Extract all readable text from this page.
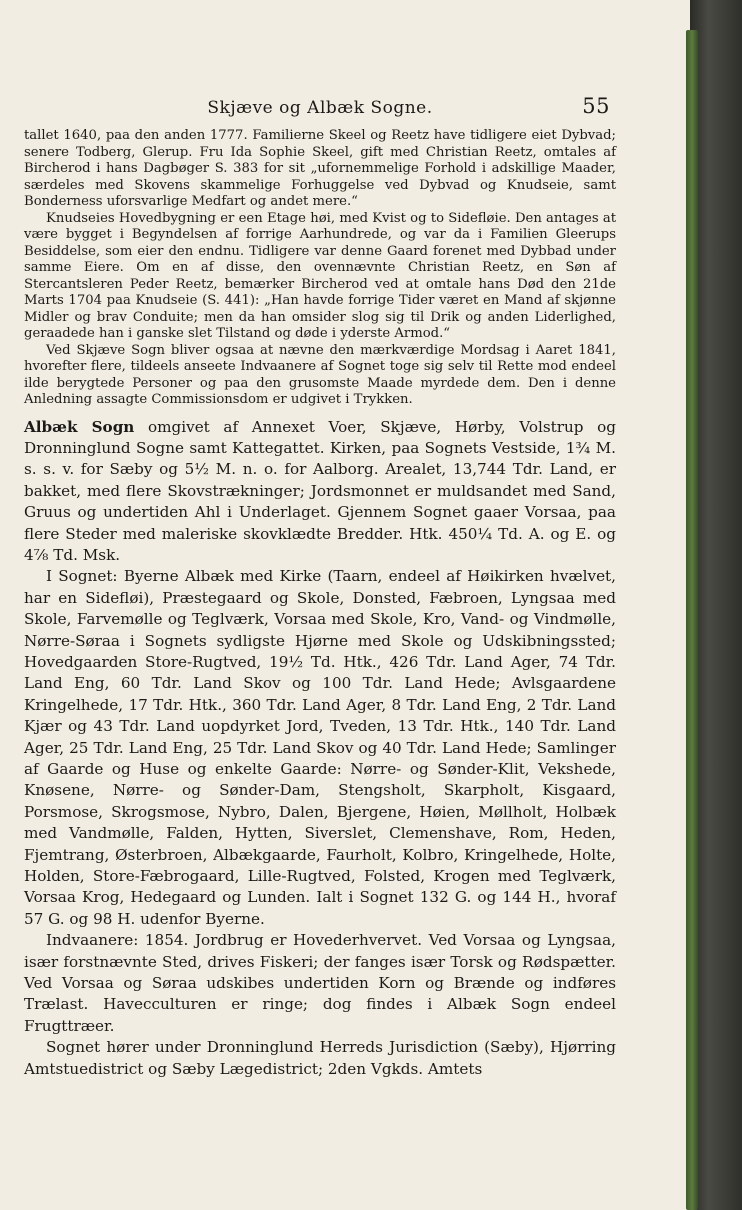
Skjæve og Albæk Sogne.	55

tallet 1640, paa den anden 1777. Familierne Skeel og Reetz have tidligere eiet Dybvad; senere Todberg, Glerup. Fru Ida Sophie Skeel, gift med Christian Reetz, omtales af Bircherod i hans Dagbøger S. 383 for sit „ufornemmelige Forhold i adskillige Maader, særdeles med Skovens skammelige Forhuggelse ved Dybvad og Knudseie, samt Bonderness uforsvarlige Medfart og andet mere.“

Knudseies Hovedbygning er een Etage høi, med Kvist og to Sidefløie. Den antages at være bygget i Begyndelsen af forrige Aarhundrede, og var da i Familien Gleerups Besiddelse, som eier den endnu. Tidligere var denne Gaard forenet med Dybbad under samme Eiere. Om en af disse, den ovennævnte Christian Reetz, en Søn af Stercantsleren Peder Reetz, bemærker Bircherod ved at omtale hans Død den 21de Marts 1704 paa Knudseie (S. 441): „Han havde forrige Tider været en Mand af skjønne Midler og brav Conduite; men da han omsider slog sig til Drik og anden Liderlighed, geraadede han i ganske slet Tilstand og døde i yderste Armod.“

Ved Skjæve Sogn bliver ogsaa at nævne den mærkværdige Mordsag i Aaret 1841, hvorefter flere, tildeels anseete Indvaanere af Sognet toge sig selv til Rette mod endeel ilde berygtede Personer og paa den grusomste Maade myrdede dem. Den i denne Anledning assagte Commissionsdom er udgivet i Trykken.

Albæk Sogn omgivet af Annexet Voer, Skjæve, Hørby, Volstrup og Dronninglund Sogne samt Kattegattet. Kirken, paa Sognets Vestside, 1¾ M. s. s. v. for Sæby og 5½ M. n. o. for Aalborg. Arealet, 13,744 Tdr. Land, er bakket, med flere Skovstrækninger; Jordsmonnet er muldsandet med Sand, Gruus og undertiden Ahl i Underlaget. Gjennem Sognet gaaer Vorsaa, paa flere Steder med maleriske skovklædte Bredder. Htk. 450¼ Td. A. og E. og 4⅞ Td. Msk.

I Sognet: Byerne Albæk med Kirke (Taarn, endeel af Høikirken hvælvet, har en Sidefløi), Præstegaard og Skole, Donsted, Fæbroen, Lyngsaa med Skole, Farvemølle og Teglværk, Vorsaa med Skole, Kro, Vand- og Vindmølle, Nørre-Søraa i Sognets sydligste Hjørne med Skole og Udskibningssted; Hovedgaarden Store-Rugtved, 19½ Td. Htk., 426 Tdr. Land Ager, 74 Tdr. Land Eng, 60 Tdr. Land Skov og 100 Tdr. Land Hede; Avlsgaardene Kringelhede, 17 Tdr. Htk., 360 Tdr. Land Ager, 8 Tdr. Land Eng, 2 Tdr. Land Kjær og 43 Tdr. Land uopdyrket Jord, Tveden, 13 Tdr. Htk., 140 Tdr. Land Ager, 25 Tdr. Land Eng, 25 Tdr. Land Skov og 40 Tdr. Land Hede; Samlinger af Gaarde og Huse og enkelte Gaarde: Nørre- og Sønder-Klit, Vekshede, Knøsene, Nørre- og Sønder-Dam, Stengsholt, Skarpholt, Kisgaard, Porsmose, Skrogsmose, Nybro, Dalen, Bjergene, Høien, Møllholt, Holbæk med Vandmølle, Falden, Hytten, Siverslet, Clemenshave, Rom, Heden, Fjemtrang, Østerbroen, Albækgaarde, Faurholt, Kolbro, Kringelhede, Holte, Holden, Store-Fæbrogaard, Lille-Rugtved, Folsted, Krogen med Teglværk, Vorsaa Krog, Hedegaard og Lunden. Ialt i Sognet 132 G. og 144 H., hvoraf 57 G. og 98 H. udenfor Byerne.

Indvaanere: 1854. Jordbrug er Hovederhvervet. Ved Vorsaa og Lyngsaa, især forstnævnte Sted, drives Fiskeri; der fanges især Torsk og Rødspætter. Ved Vorsaa og Søraa udskibes undertiden Korn og Brænde og indføres Trælast. Havecculturen er ringe; dog findes i Albæk Sogn endeel Frugttræer.

Sognet hører under Dronninglund Herreds Jurisdiction (Sæby), Hjørring Amtstuedistrict og Sæby Lægedistrict; 2den Vgkds. Amtets
